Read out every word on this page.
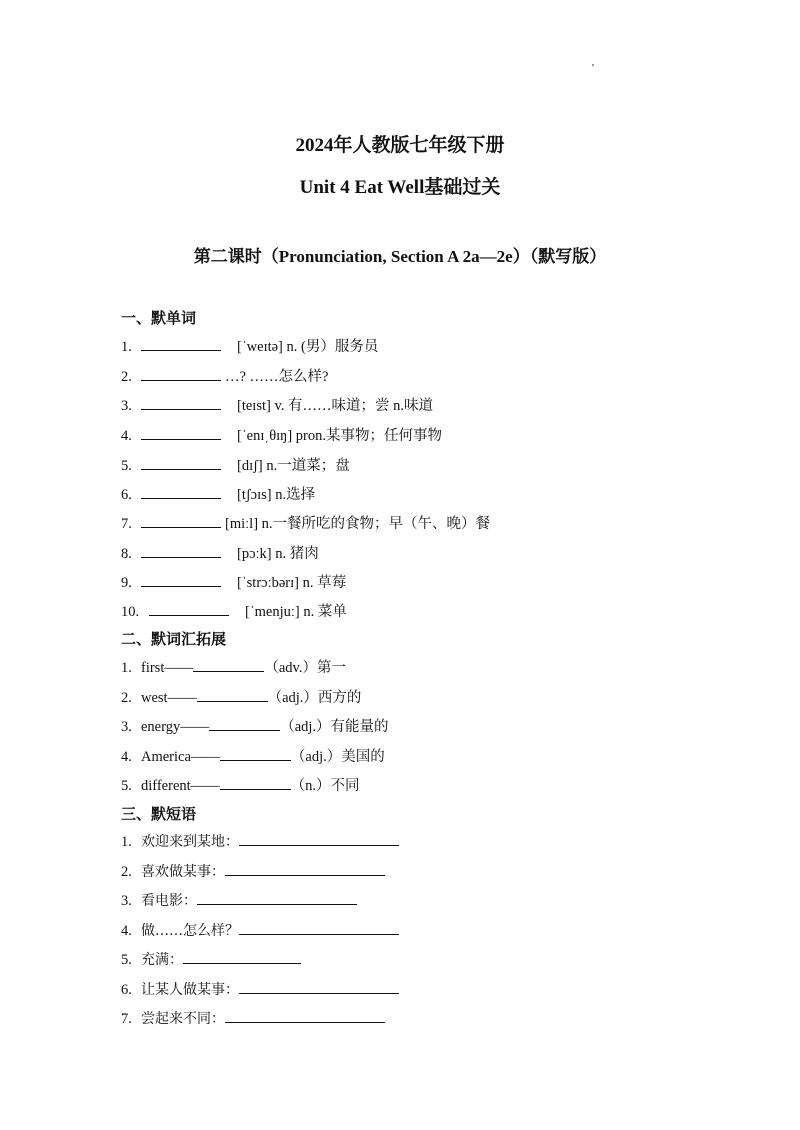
2024年人教版七年级下册
Unit 4 Eat Well基础过关
第二课时（Pronunciation, Section A 2a—2e）（默写版）
一、默单词
1.	[ˈweɪtə] n. (男）服务员
2.	…? ……怎么样?
3.	[teɪst] v. 有……味道；尝 n.味道
4.	[ˈenɪˌθɪŋ] pron.某事物；任何事物
5.	[dɪʃ] n.一道菜；盘
6.	[tʃɔɪs] n.选择
7.	[miːl] n.一餐所吃的食物；早（午、晚）餐
8.	[pɔːk] n. 猪肉
9.	[ˈstrɔːbərɪ] n. 草莓
10.	[ˈmenjuː] n. 菜单
二、默词汇拓展
1. first——	（adv.）第一
2. west——	（adj.）西方的
3. energy——	（adj.）有能量的
4. America——	（adj.）美国的
5. different——	（n.）不同
三、默短语
1. 欢迎来到某地：
2. 喜欢做某事：
3. 看电影：
4. 做……怎么样？
5. 充满：
6. 让某人做某事：
7. 尝起来不同：
